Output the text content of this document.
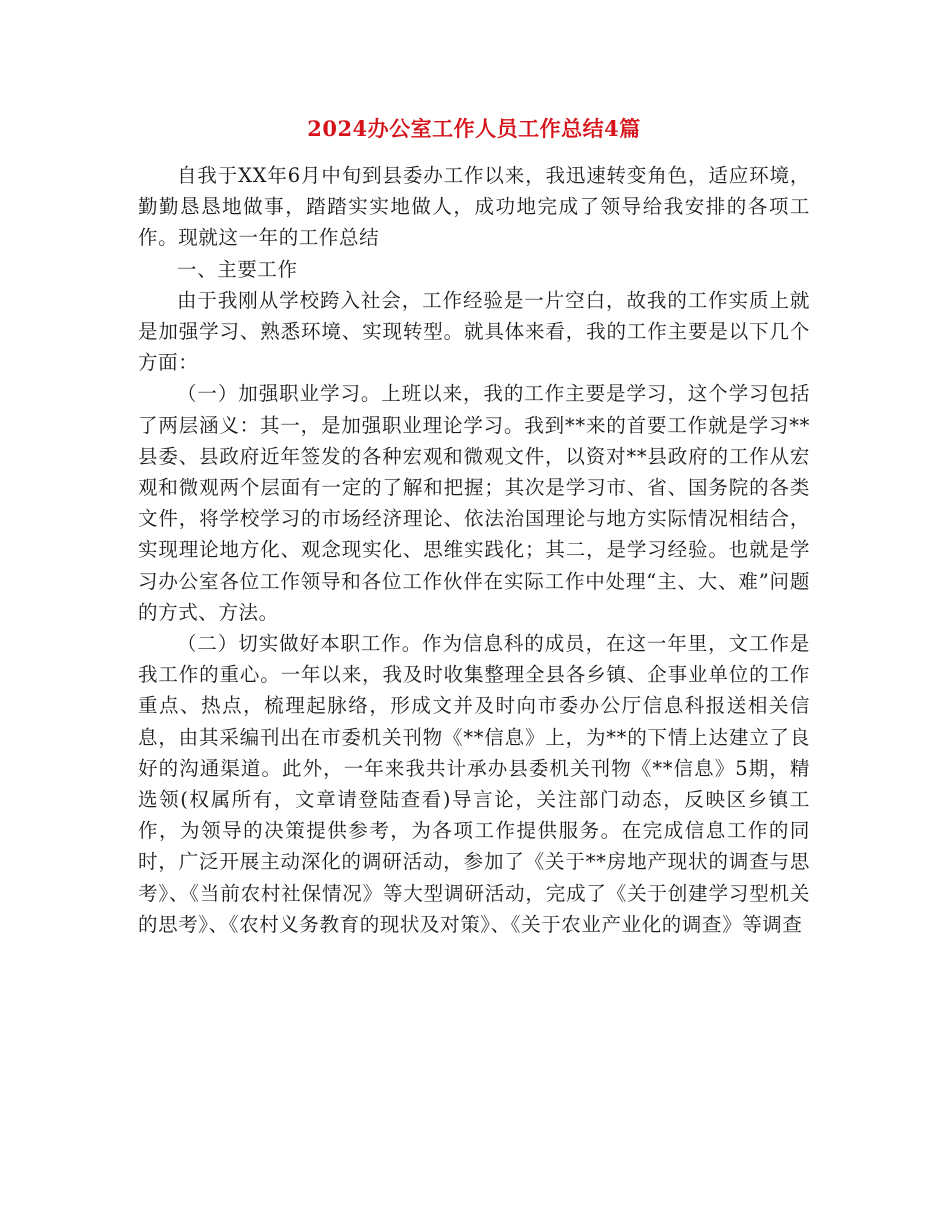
2024办公室工作人员工作总结4篇

自我于XX年6月中旬到县委办工作以来，我迅速转变角色，适应环境，勤勤恳恳地做事，踏踏实实地做人，成功地完成了领导给我安排的各项工作。现就这一年的工作总结

一、主要工作

由于我刚从学校跨入社会，工作经验是一片空白，故我的工作实质上就是加强学习、熟悉环境、实现转型。就具体来看，我的工作主要是以下几个方面：

（一）加强职业学习。上班以来，我的工作主要是学习，这个学习包括了两层涵义：其一，是加强职业理论学习。我到**来的首要工作就是学习**县委、县政府近年签发的各种宏观和微观文件，以资对**县政府的工作从宏观和微观两个层面有一定的了解和把握；其次是学习市、省、国务院的各类文件，将学校学习的市场经济理论、依法治国理论与地方实际情况相结合，实现理论地方化、观念现实化、思维实践化；其二，是学习经验。也就是学习办公室各位工作领导和各位工作伙伴在实际工作中处理“主、大、难”问题的方式、方法。

（二）切实做好本职工作。作为信息科的成员，在这一年里，文工作是我工作的重心。一年以来，我及时收集整理全县各乡镇、企事业单位的工作重点、热点，梳理起脉络，形成文并及时向市委办公厅信息科报送相关信息，由其采编刊出在市委机关刊物《**信息》上，为**的下情上达建立了良好的沟通渠道。此外，一年来我共计承办县委机关刊物《**信息》5期，精选领(权属所有，文章请登陆查看)导言论，关注部门动态，反映区乡镇工作，为领导的决策提供参考，为各项工作提供服务。在完成信息工作的同时，广泛开展主动深化的调研活动，参加了《关于**房地产现状的调查与思考》、《当前农村社保情况》等大型调研活动，完成了《关于创建学习型机关的思考》、《农村义务教育的现状及对策》、《关于农业产业化的调查》等调查
